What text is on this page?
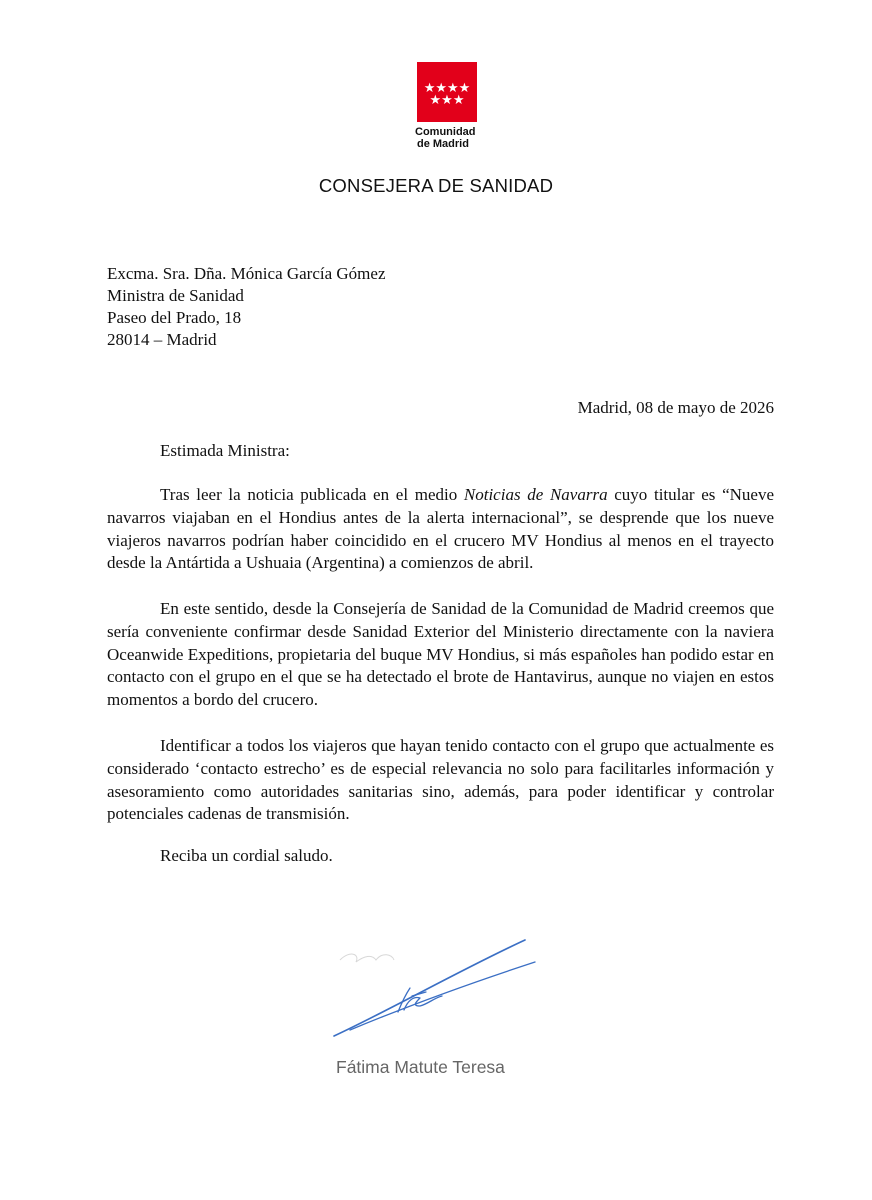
★★★★
★★★
Comunidad
de Madrid
CONSEJERA DE SANIDAD
Excma. Sra. Dña. Mónica García Gómez
Ministra de Sanidad
Paseo del Prado, 18
28014 – Madrid
Madrid, 08 de mayo de 2026
Estimada Ministra:

Tras leer la noticia publicada en el medio Noticias de Navarra cuyo titular es “Nueve navarros viajaban en el Hondius antes de la alerta internacional”, se desprende que los nueve viajeros navarros podrían haber coincidido en el crucero MV Hondius al menos en el trayecto desde la Antártida a Ushuaia (Argentina) a comienzos de abril.

En este sentido, desde la Consejería de Sanidad de la Comunidad de Madrid creemos que sería conveniente confirmar desde Sanidad Exterior del Ministerio directamente con la naviera Oceanwide Expeditions, propietaria del buque MV Hondius, si más españoles han podido estar en contacto con el grupo en el que se ha detectado el brote de Hantavirus, aunque no viajen en estos momentos a bordo del crucero.

Identificar a todos los viajeros que hayan tenido contacto con el grupo que actualmente es considerado ‘contacto estrecho’ es de especial relevancia no solo para facilitarles información y asesoramiento como autoridades sanitarias sino, además, para poder identificar y controlar potenciales cadenas de transmisión.

Reciba un cordial saludo.
Fátima Matute Teresa
